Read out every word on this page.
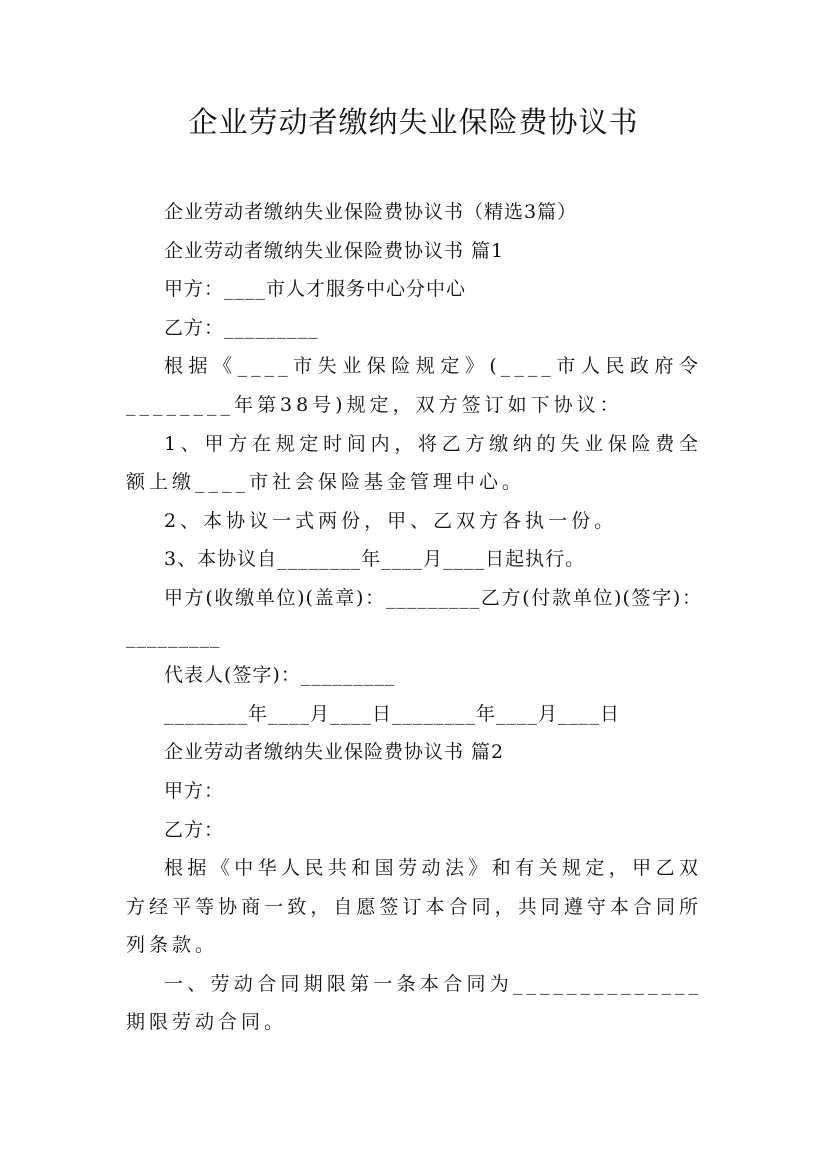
企业劳动者缴纳失业保险费协议书

企业劳动者缴纳失业保险费协议书（精选3篇）

企业劳动者缴纳失业保险费协议书 篇1

甲方：____市人才服务中心分中心

乙方：_________

根据《____市失业保险规定》(____市人民政府令________年第38号)规定，双方签订如下协议：

1、甲方在规定时间内，将乙方缴纳的失业保险费全额上缴____市社会保险基金管理中心。

2、本协议一式两份，甲、乙双方各执一份。

3、本协议自________年____月____日起执行。

甲方(收缴单位)(盖章)：_________乙方(付款单位)(签字)：_________

代表人(签字)：_________

________年____月____日________年____月____日

企业劳动者缴纳失业保险费协议书 篇2

甲方：

乙方：

根据《中华人民共和国劳动法》和有关规定，甲乙双方经平等协商一致，自愿签订本合同，共同遵守本合同所列条款。

一、劳动合同期限第一条本合同为______________期限劳动合同。
